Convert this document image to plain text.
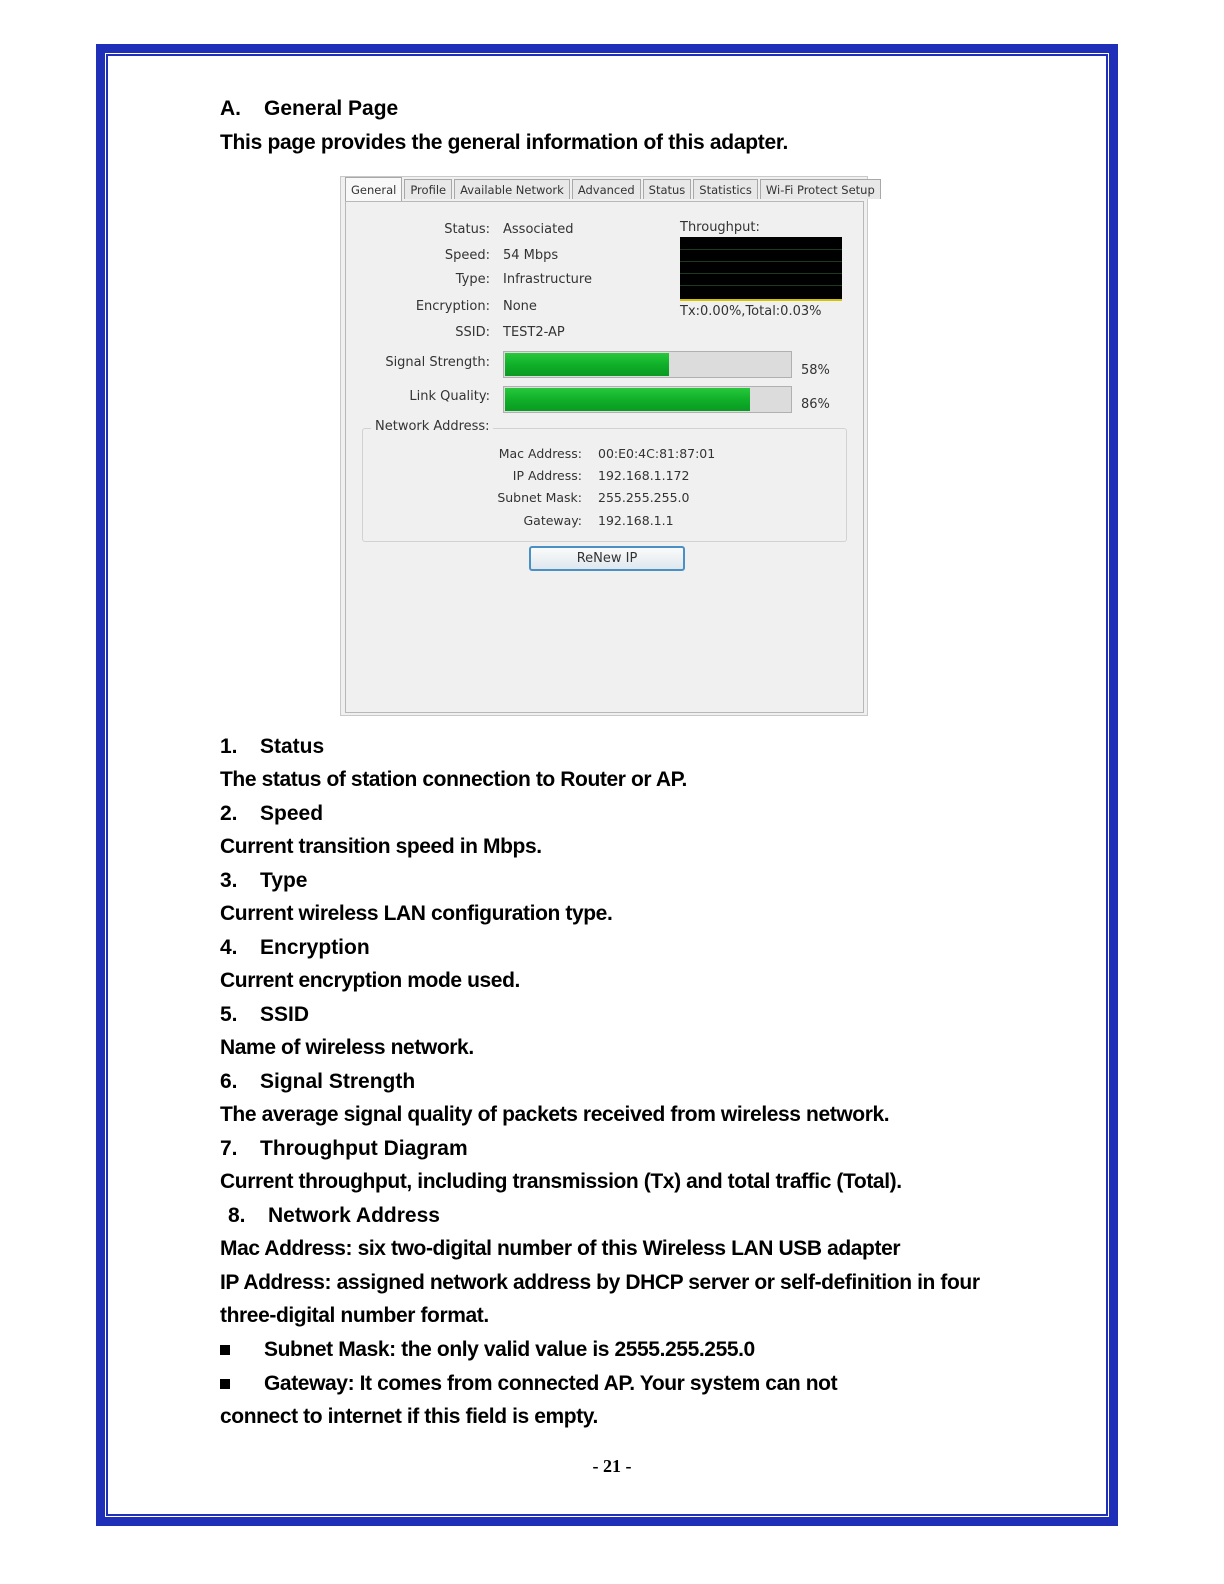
A. General Page
This page provides the general information of this adapter.
General	Profile	Available Network	Advanced	Status	Statistics	Wi-Fi Protect Setup
Status: Associated
Speed: 54 Mbps
Type: Infrastructure
Encryption: None
SSID: TEST2-AP
Throughput:
Tx:0.00%,Total:0.03%
Signal Strength:
58%
Link Quality:
86%
Network Address:
Mac Address: 00:E0:4C:81:87:01
IP Address: 192.168.1.172
Subnet Mask: 255.255.255.0
Gateway: 192.168.1.1
ReNew IP
1. Status
The status of station connection to Router or AP.
2. Speed
Current transition speed in Mbps.
3. Type
Current wireless LAN configuration type.
4. Encryption
Current encryption mode used.
5. SSID
Name of wireless network.
6. Signal Strength
The average signal quality of packets received from wireless network.
7. Throughput Diagram
Current throughput, including transmission (Tx) and total traffic (Total).
8. Network Address
Mac Address: six two-digital number of this Wireless LAN USB adapter
IP Address: assigned network address by DHCP server or self-definition in four
three-digital number format.
Subnet Mask: the only valid value is 2555.255.255.0
Gateway: It comes from connected AP. Your system can not
connect to internet if this field is empty.
- 21 -
